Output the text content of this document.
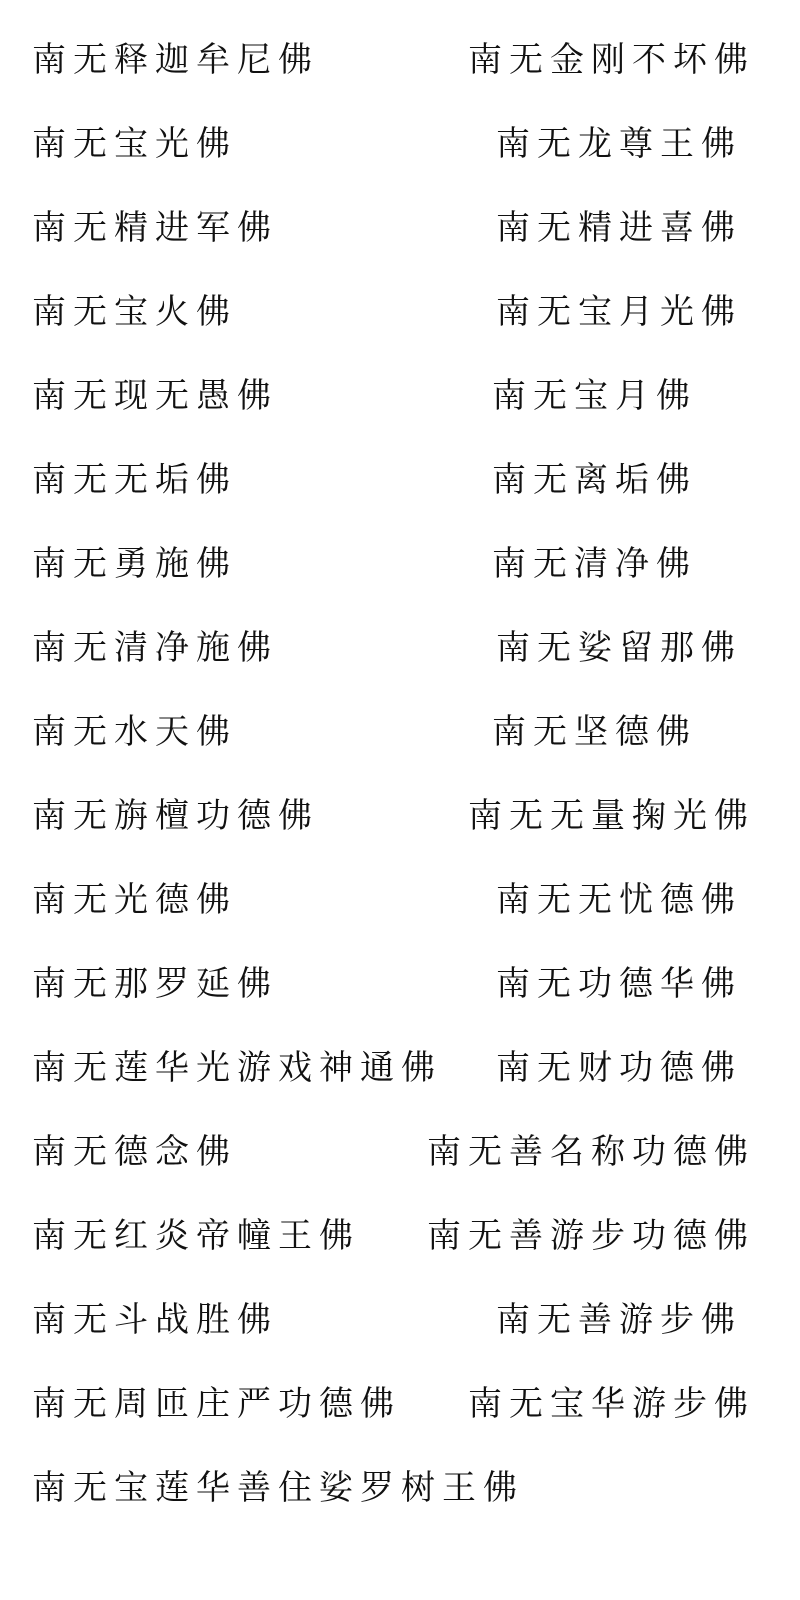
南无释迦牟尼佛	南无金刚不坏佛
南无宝光佛	南无龙尊王佛
南无精进军佛	南无精进喜佛
南无宝火佛	南无宝月光佛
南无现无愚佛	南无宝月佛
南无无垢佛	南无离垢佛
南无勇施佛	南无清净佛
南无清净施佛	南无娑留那佛
南无水天佛	南无坚德佛
南无旃檀功德佛	南无无量掬光佛
南无光德佛	南无无忧德佛
南无那罗延佛	南无功德华佛
南无莲华光游戏神通佛 南无财功德佛
南无德念佛	南无善名称功德佛
南无红炎帝幢王佛 南无善游步功德佛
南无斗战胜佛	南无善游步佛
南无周匝庄严功德佛 南无宝华游步佛
南无宝莲华善住娑罗树王佛
